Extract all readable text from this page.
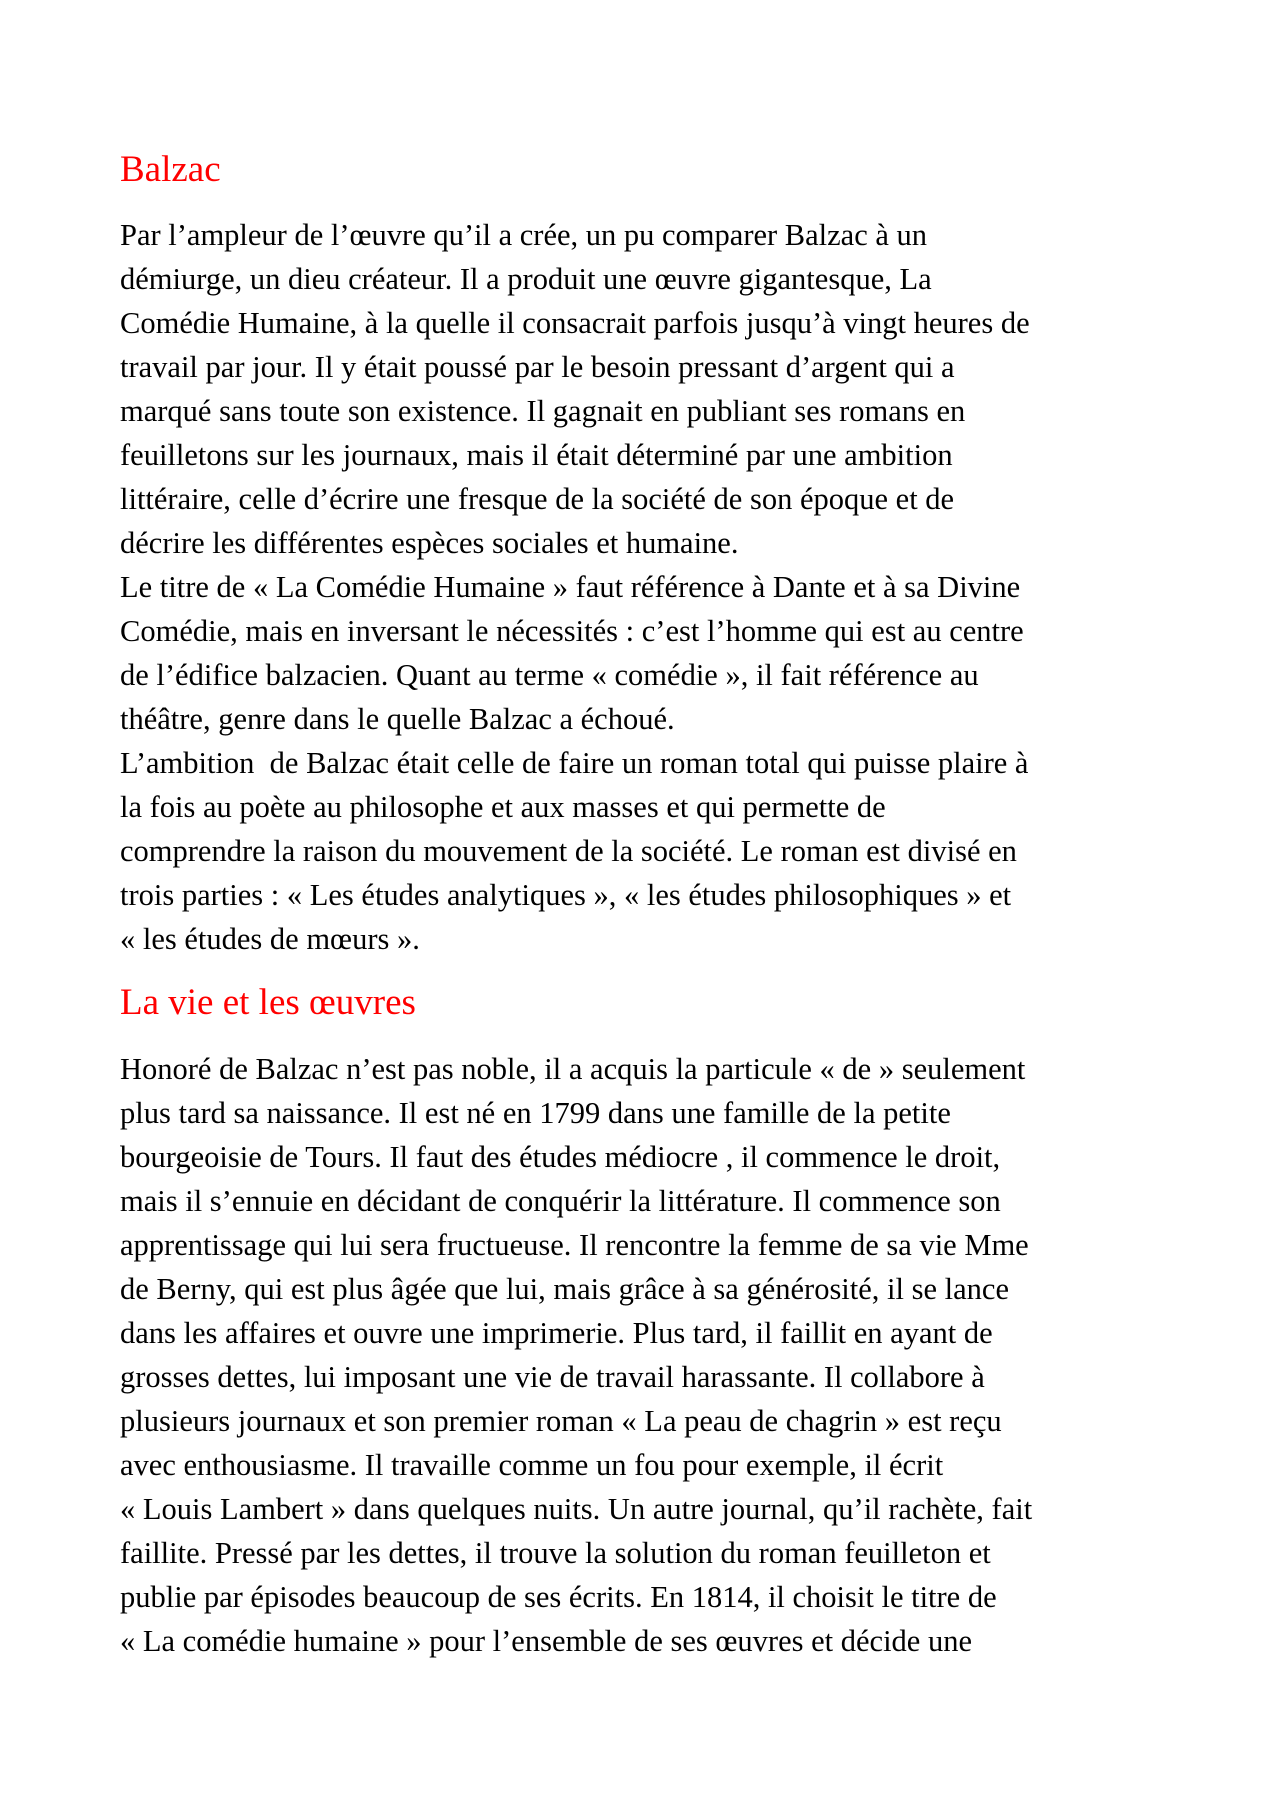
Balzac

Par l’ampleur de l’œuvre qu’il a crée, un pu comparer Balzac à un
démiurge, un dieu créateur. Il a produit une œuvre gigantesque, La
Comédie Humaine, à la quelle il consacrait parfois jusqu’à vingt heures de
travail par jour. Il y était poussé par le besoin pressant d’argent qui a
marqué sans toute son existence. Il gagnait en publiant ses romans en
feuilletons sur les journaux, mais il était déterminé par une ambition
littéraire, celle d’écrire une fresque de la société de son époque et de
décrire les différentes espèces sociales et humaine.

Le titre de « La Comédie Humaine » faut référence à Dante et à sa Divine
Comédie, mais en inversant le nécessités : c’est l’homme qui est au centre
de l’édifice balzacien. Quant au terme « comédie », il fait référence au
théâtre, genre dans le quelle Balzac a échoué.

L’ambition  de Balzac était celle de faire un roman total qui puisse plaire à
la fois au poète au philosophe et aux masses et qui permette de
comprendre la raison du mouvement de la société. Le roman est divisé en
trois parties : « Les études analytiques », « les études philosophiques » et
« les études de mœurs ».

La vie et les œuvres

Honoré de Balzac n’est pas noble, il a acquis la particule « de » seulement
plus tard sa naissance. Il est né en 1799 dans une famille de la petite
bourgeoisie de Tours. Il faut des études médiocre , il commence le droit,
mais il s’ennuie en décidant de conquérir la littérature. Il commence son
apprentissage qui lui sera fructueuse. Il rencontre la femme de sa vie Mme
de Berny, qui est plus âgée que lui, mais grâce à sa générosité, il se lance
dans les affaires et ouvre une imprimerie. Plus tard, il faillit en ayant de
grosses dettes, lui imposant une vie de travail harassante. Il collabore à
plusieurs journaux et son premier roman « La peau de chagrin » est reçu
avec enthousiasme. Il travaille comme un fou pour exemple, il écrit
« Louis Lambert » dans quelques nuits. Un autre journal, qu’il rachète, fait
faillite. Pressé par les dettes, il trouve la solution du roman feuilleton et
publie par épisodes beaucoup de ses écrits. En 1814, il choisit le titre de
« La comédie humaine » pour l’ensemble de ses œuvres et décide une
